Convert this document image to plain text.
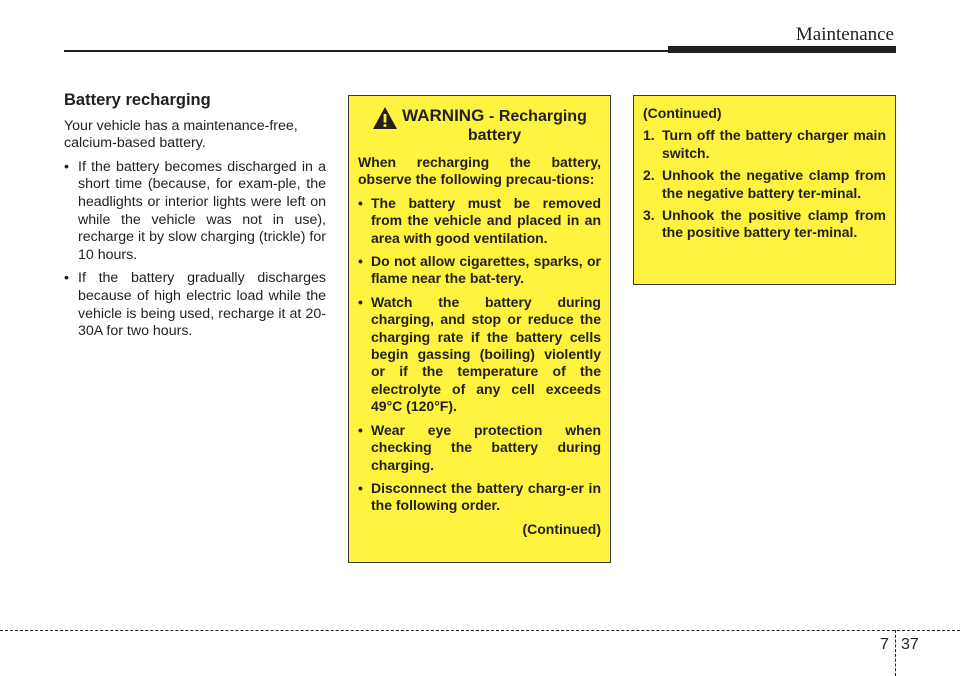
Maintenance
Battery recharging

Your vehicle has a maintenance-free, calcium-based battery.

• If the battery becomes discharged in a short time (because, for exam-ple, the headlights or interior lights were left on while the vehicle was not in use), recharge it by slow charging (trickle) for 10 hours.
• If the battery gradually discharges because of high electric load while the vehicle is being used, recharge it at 20-30A for two hours.
WARNING - Recharging
battery

When recharging the battery, observe the following precau-tions:

• The battery must be removed from the vehicle and placed in an area with good ventilation.
• Do not allow cigarettes, sparks, or flame near the bat-tery.
• Watch the battery during charging, and stop or reduce the charging rate if the battery cells begin gassing (boiling) violently or if the temperature of the electrolyte of any cell exceeds 49°C (120°F).
• Wear eye protection when checking the battery during charging.
• Disconnect the battery charg-er in the following order.
(Continued)

(Continued)

1. Turn off the battery charger main switch.
2. Unhook the negative clamp from the negative battery ter-minal.
3. Unhook the positive clamp from the positive battery ter-minal.
7 37
